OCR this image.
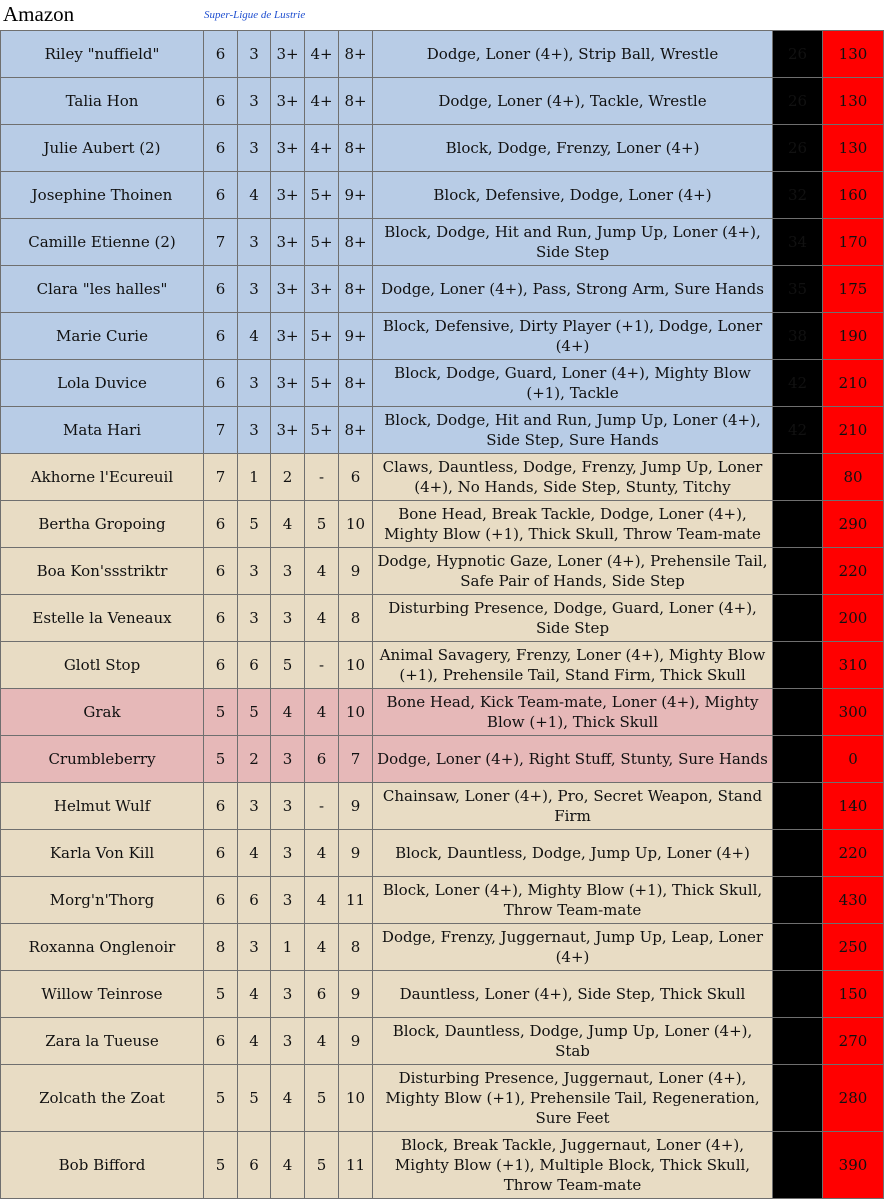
Amazon	Super-Ligue de Lustrie
Riley "nuffield"	6	3	3+	4+	8+	Dodge, Loner (4+), Strip Ball, Wrestle	26	130
Talia Hon	6	3	3+	4+	8+	Dodge, Loner (4+), Tackle, Wrestle	26	130
Julie Aubert (2)	6	3	3+	4+	8+	Block, Dodge, Frenzy, Loner (4+)	26	130
Josephine Thoinen	6	4	3+	5+	9+	Block, Defensive, Dodge, Loner (4+)	32	160
Camille Etienne (2)	7	3	3+	5+	8+	Block, Dodge, Hit and Run, Jump Up, Loner (4+), Side Step	34	170
Clara "les halles"	6	3	3+	3+	8+	Dodge, Loner (4+), Pass, Strong Arm, Sure Hands	35	175
Marie Curie	6	4	3+	5+	9+	Block, Defensive, Dirty Player (+1), Dodge, Loner (4+)	38	190
Lola Duvice	6	3	3+	5+	8+	Block, Dodge, Guard, Loner (4+), Mighty Blow (+1), Tackle	42	210
Mata Hari	7	3	3+	5+	8+	Block, Dodge, Hit and Run, Jump Up, Loner (4+), Side Step, Sure Hands	42	210
Akhorne l'Ecureuil	7	1	2	-	6	Claws, Dauntless, Dodge, Frenzy, Jump Up, Loner (4+), No Hands, Side Step, Stunty, Titchy		80
Bertha Gropoing	6	5	4	5	10	Bone Head, Break Tackle, Dodge, Loner (4+), Mighty Blow (+1), Thick Skull, Throw Team-mate		290
Boa Kon'ssstriktr	6	3	3	4	9	Dodge, Hypnotic Gaze, Loner (4+), Prehensile Tail, Safe Pair of Hands, Side Step		220
Estelle la Veneaux	6	3	3	4	8	Disturbing Presence, Dodge, Guard, Loner (4+), Side Step		200
Glotl Stop	6	6	5	-	10	Animal Savagery, Frenzy, Loner (4+), Mighty Blow (+1), Prehensile Tail, Stand Firm, Thick Skull		310
Grak	5	5	4	4	10	Bone Head, Kick Team-mate, Loner (4+), Mighty Blow (+1), Thick Skull		300
Crumbleberry	5	2	3	6	7	Dodge, Loner (4+), Right Stuff, Stunty, Sure Hands		0
Helmut Wulf	6	3	3	-	9	Chainsaw, Loner (4+), Pro, Secret Weapon, Stand Firm		140
Karla Von Kill	6	4	3	4	9	Block, Dauntless, Dodge, Jump Up, Loner (4+)		220
Morg'n'Thorg	6	6	3	4	11	Block, Loner (4+), Mighty Blow (+1), Thick Skull, Throw Team-mate		430
Roxanna Onglenoir	8	3	1	4	8	Dodge, Frenzy, Juggernaut, Jump Up, Leap, Loner (4+)		250
Willow Teinrose	5	4	3	6	9	Dauntless, Loner (4+), Side Step, Thick Skull		150
Zara la Tueuse	6	4	3	4	9	Block, Dauntless, Dodge, Jump Up, Loner (4+), Stab		270
Zolcath the Zoat	5	5	4	5	10	Disturbing Presence, Juggernaut, Loner (4+), Mighty Blow (+1), Prehensile Tail, Regeneration, Sure Feet		280
Bob Bifford	5	6	4	5	11	Block, Break Tackle, Juggernaut, Loner (4+), Mighty Blow (+1), Multiple Block, Thick Skull, Throw Team-mate		390
